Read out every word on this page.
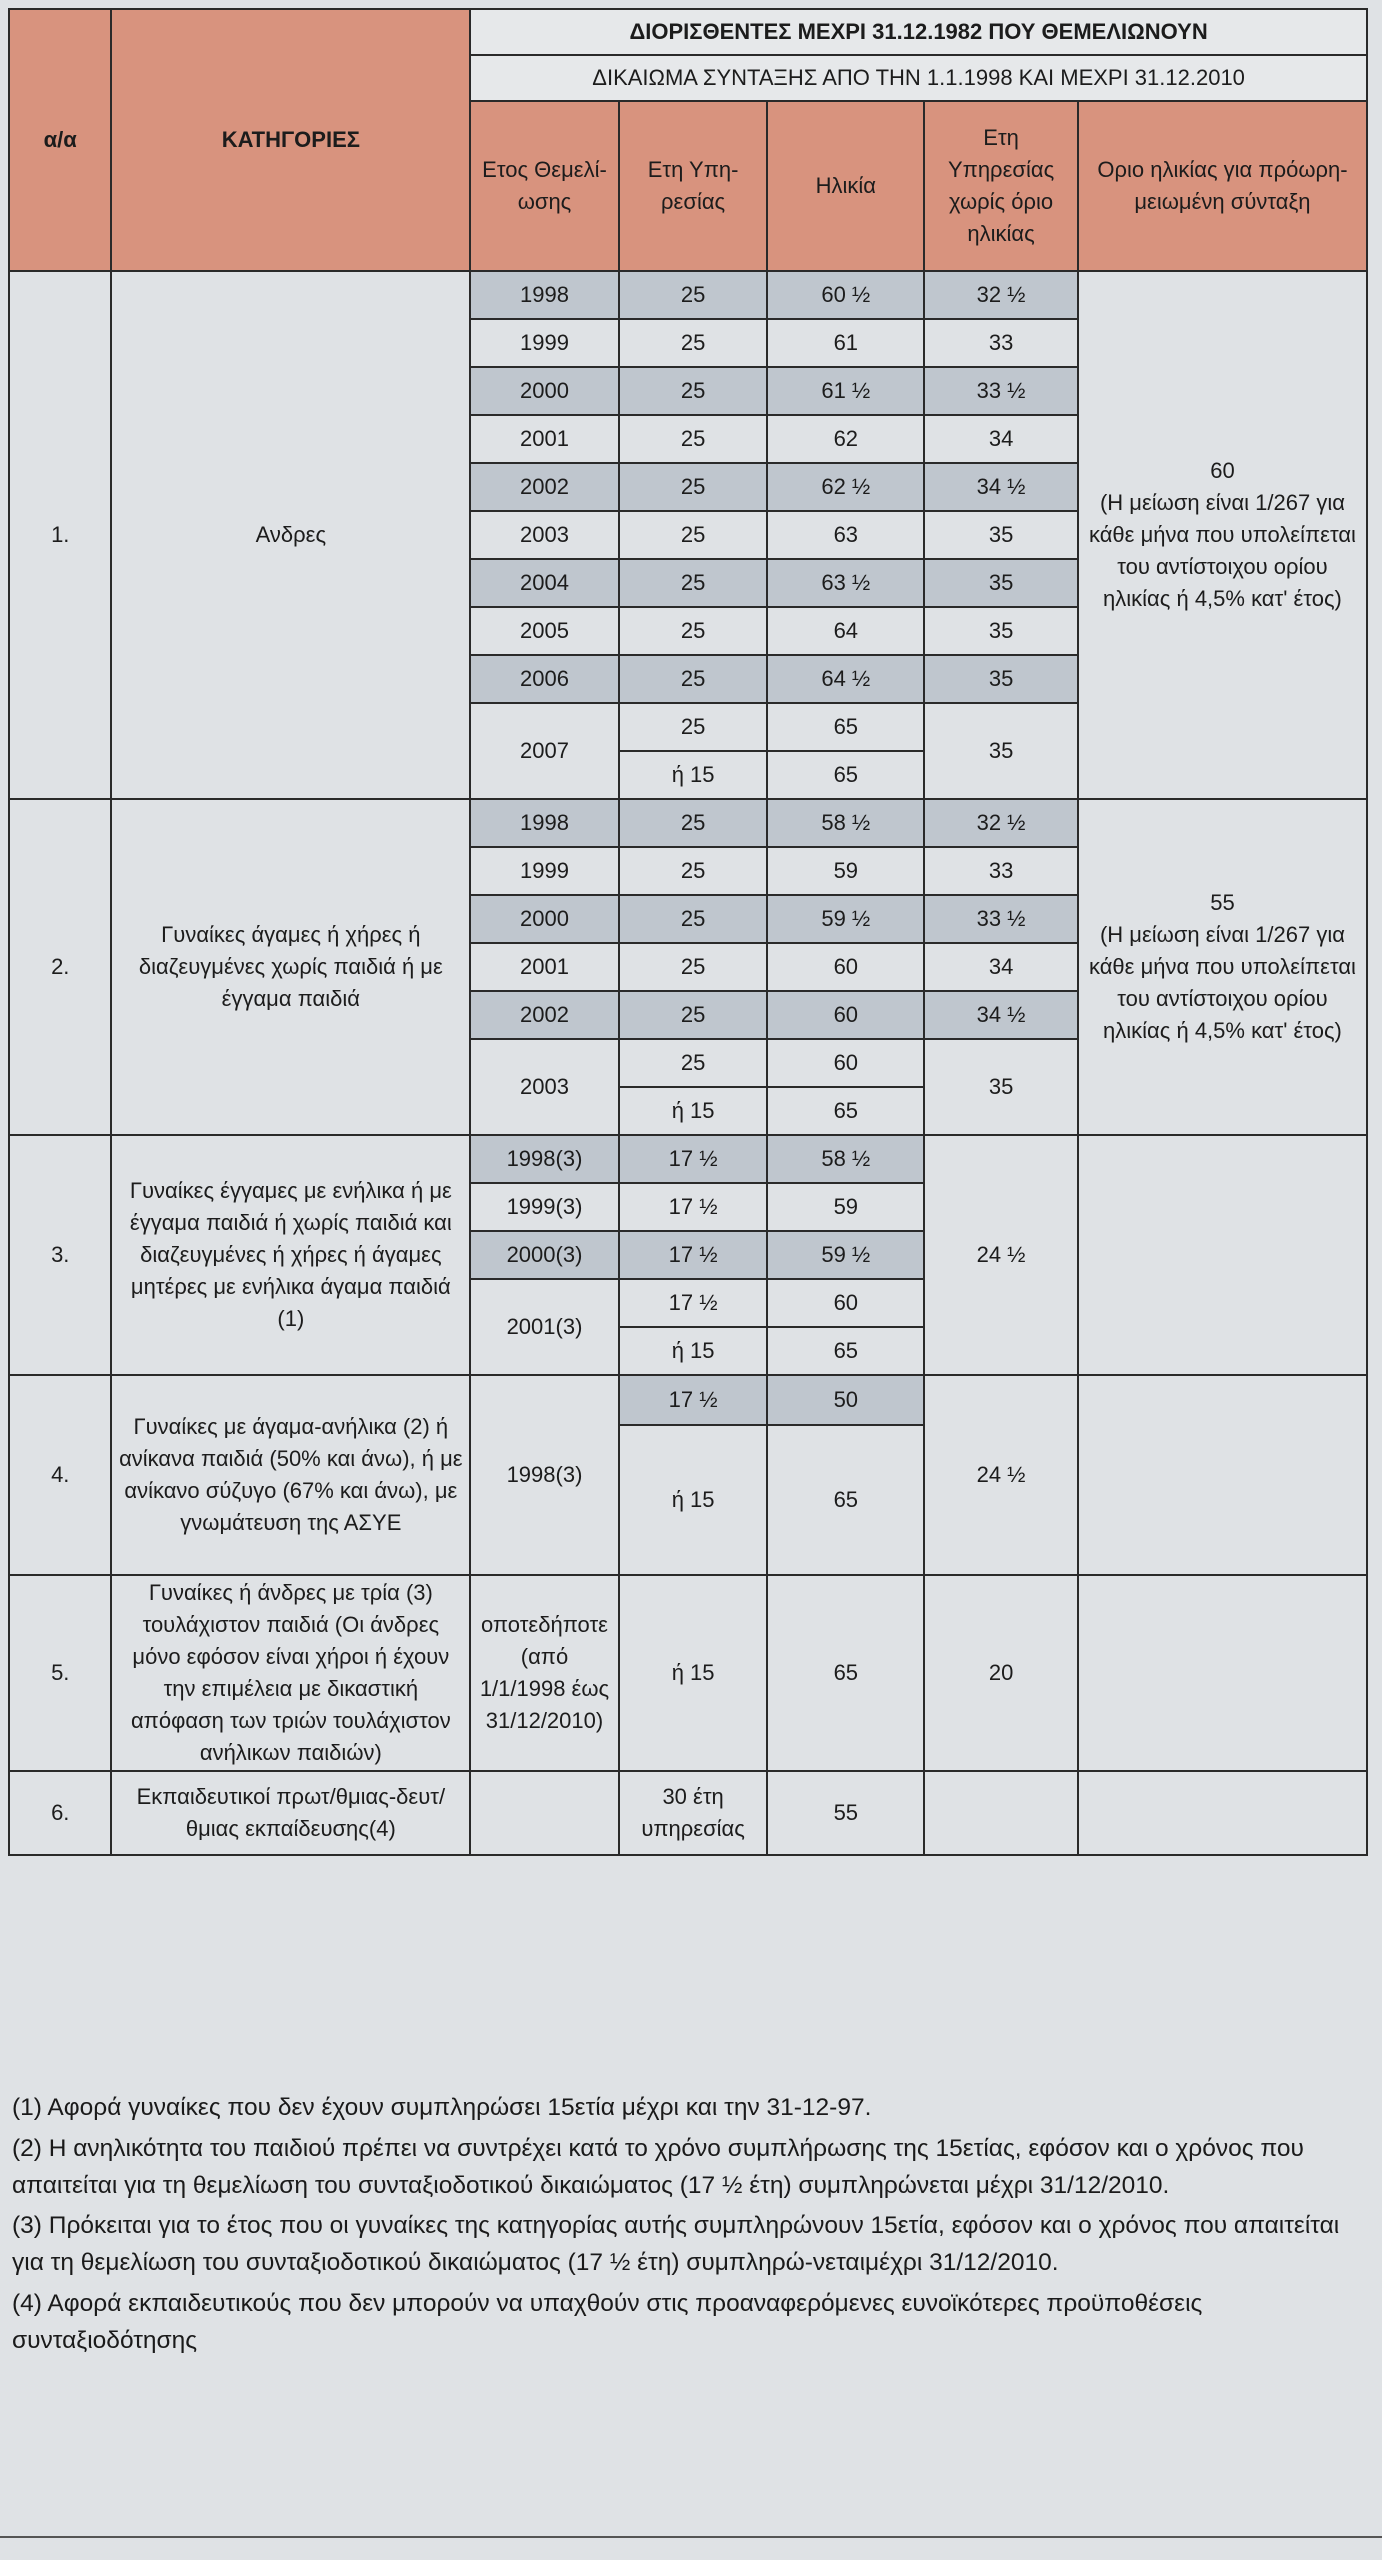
α/α	ΚΑΤΗΓΟΡΙΕΣ	ΔΙΟΡΙΣΘΕΝΤΕΣ ΜΕΧΡΙ 31.12.1982 ΠΟΥ ΘΕΜΕΛΙΩΝΟΥΝ				
		ΔΙΚΑΙΩΜΑ ΣΥΝΤΑΞΗΣ ΑΠΟ ΤΗΝ 1.1.1998 ΚΑΙ ΜΕΧΡΙ 31.12.2010				
		Ετος Θεμελί-ωσης	Ετη Υπη-ρεσίας	Ηλικία	Ετη Υπηρεσίας χωρίς όριο ηλικίας	Οριο ηλικίας για πρόωρη-μειωμένη σύνταξη
1.	Ανδρες	1998	25	60 ½	32 ½	60
(Η μείωση είναι 1/267 για κάθε μήνα που υπολείπεται του αντίστοιχου ορίου ηλικίας ή 4,5% κατ' έτος)

		1999	25	61	33	
		2000	25	61 ½	33 ½	
		2001	25	62	34	
		2002	25	62 ½	34 ½	
		2003	25	63	35	
		2004	25	63 ½	35	
		2005	25	64	35	
		2006	25	64 ½	35	
		2007	25	65	35	
			ή 15	65		
2.	Γυναίκες άγαμες ή χήρες ή διαζευγμένες χωρίς παιδιά ή με έγγαμα παιδιά	1998	25	58 ½	32 ½	55
(Η μείωση είναι 1/267 για κάθε μήνα που υπολείπεται του αντίστοιχου ορίου ηλικίας ή 4,5% κατ' έτος)

		1999	25	59	33	
		2000	25	59 ½	33 ½	
		2001	25	60	34	
		2002	25	60	34 ½	
		2003	25	60	35	
			ή 15	65		
3.	Γυναίκες έγγαμες με ενήλικα ή με έγγαμα παιδιά ή χωρίς παιδιά και διαζευγμένες ή χήρες ή άγαμες μητέρες με ενήλικα άγαμα παιδιά (1)	1998(3)	17 ½	58 ½	24 ½	
		1999(3)	17 ½	59		
		2000(3)	17 ½	59 ½		
		2001(3)	17 ½	60		
			ή 15	65		
4.	Γυναίκες με άγαμα-ανήλικα (2) ή ανίκανα παιδιά (50% και άνω), ή με ανίκανο σύζυγο (67% και άνω), με γνωμάτευση της ΑΣΥΕ	1998(3)	17 ½	50	24 ½	
			ή 15	65		
5.	Γυναίκες ή άνδρες με τρία (3) τουλάχιστον παιδιά (Οι άνδρες μόνο εφόσον είναι χήροι ή έχουν την επιμέλεια με δικαστική απόφαση των τριών τουλάχιστον ανήλικων παιδιών)	οποτεδήποτε (από 1/1/1998 έως 31/12/2010)	ή 15	65	20	
6.	Εκπαιδευτικοί πρωτ/θμιας-δευτ/θμιας εκπαίδευσης(4)		30 έτη υπηρεσίας	55		

(1) Αφορά γυναίκες που δεν έχουν συμπληρώσει 15ετία μέχρι και την 31-12-97.

(2) Η ανηλικότητα του παιδιού πρέπει να συντρέχει κατά το χρόνο συμπλήρωσης της 15ετίας, εφόσον και ο χρόνος που απαιτείται για τη θεμελίωση του συνταξιοδοτικού δικαιώματος (17 ½ έτη) συμπληρώνεται μέχρι 31/12/2010.

(3) Πρόκειται για το έτος που οι γυναίκες της κατηγορίας αυτής συμπληρώνουν 15ετία, εφόσον και ο χρόνος που απαιτείται για τη θεμελίωση του συνταξιοδοτικού δικαιώματος (17 ½ έτη) συμπληρώ-νεταιμέχρι 31/12/2010.

(4) Αφορά εκπαιδευτικούς που δεν μπορούν να υπαχθούν στις προαναφερόμενες ευνοϊκότερες προϋποθέσεις συνταξιοδότησης
